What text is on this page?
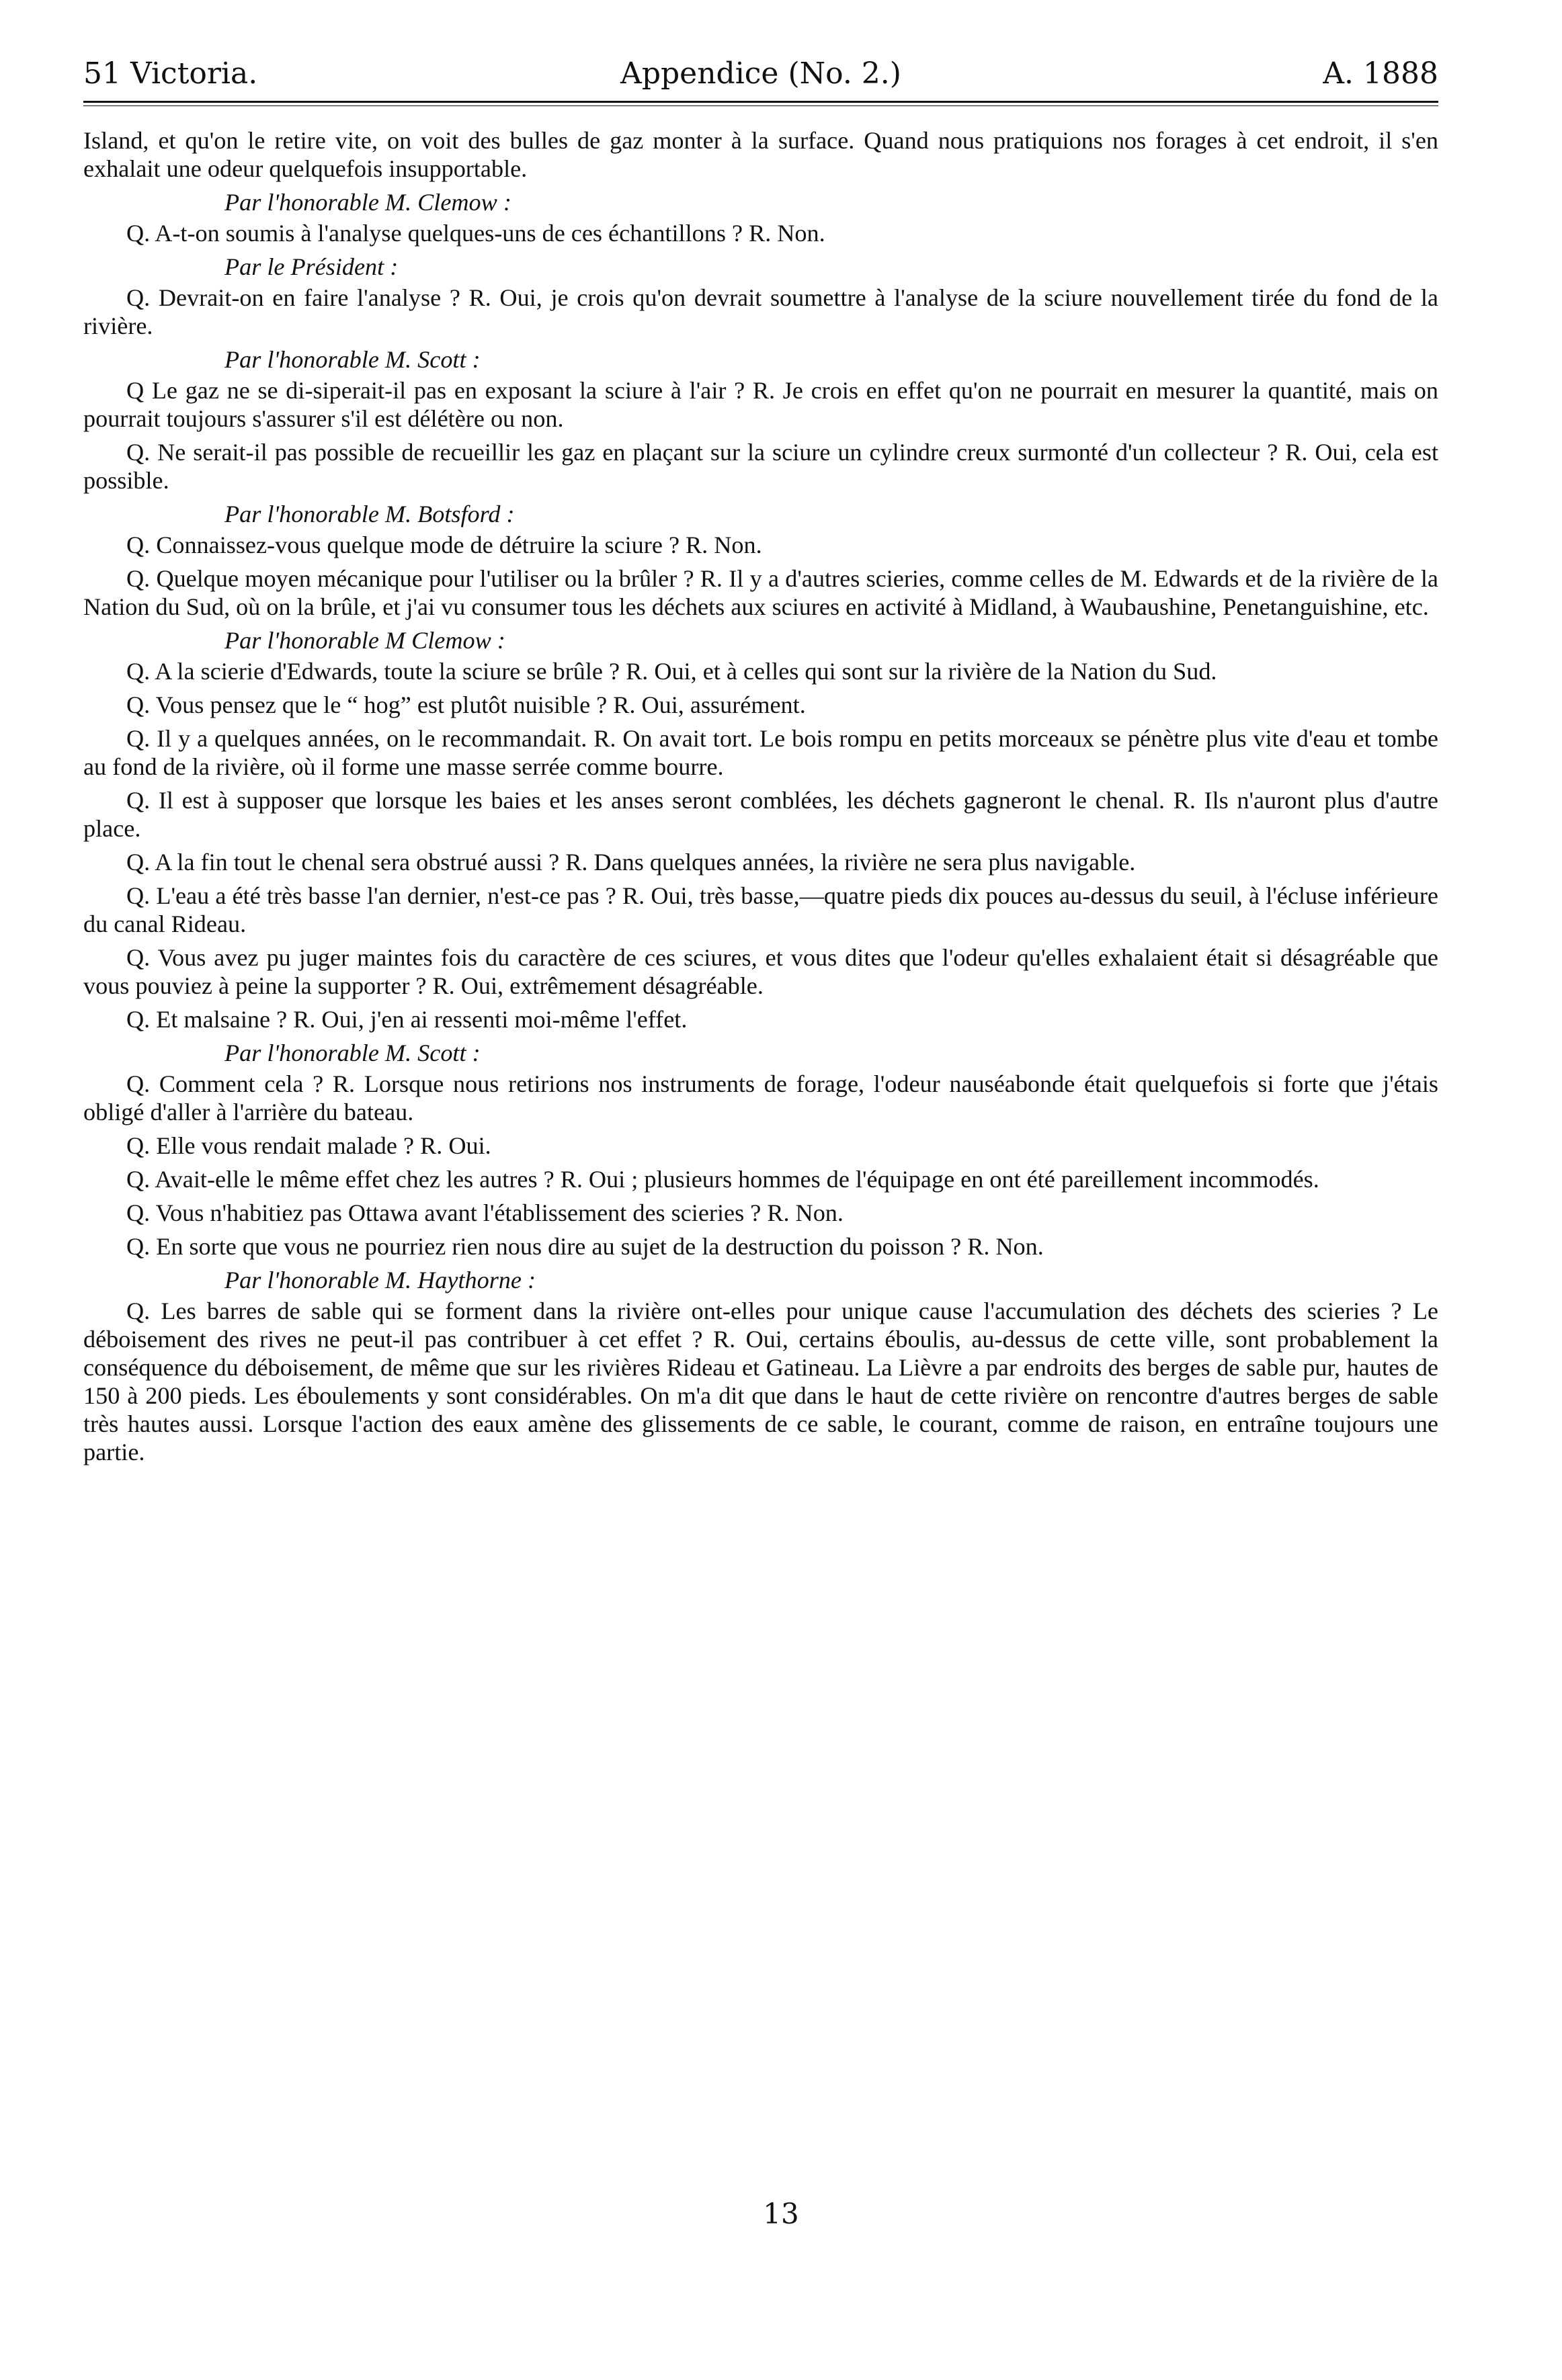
51 Victoria.	Appendice (No. 2.)	A. 1888

Island, et qu'on le retire vite, on voit des bulles de gaz monter à la surface. Quand nous pratiquions nos forages à cet endroit, il s'en exhalait une odeur quelquefois insupportable.

Par l'honorable M. Clemow :

Q. A-t-on soumis à l'analyse quelques-uns de ces échantillons ? R. Non.

Par le Président :

Q. Devrait-on en faire l'analyse ? R. Oui, je crois qu'on devrait soumettre à l'analyse de la sciure nouvellement tirée du fond de la rivière.

Par l'honorable M. Scott :

Q Le gaz ne se di-siperait-il pas en exposant la sciure à l'air ? R. Je crois en effet qu'on ne pourrait en mesurer la quantité, mais on pourrait toujours s'assurer s'il est délétère ou non.

Q. Ne serait-il pas possible de recueillir les gaz en plaçant sur la sciure un cylindre creux surmonté d'un collecteur ? R. Oui, cela est possible.

Par l'honorable M. Botsford :

Q. Connaissez-vous quelque mode de détruire la sciure ? R. Non.

Q. Quelque moyen mécanique pour l'utiliser ou la brûler ? R. Il y a d'autres scieries, comme celles de M. Edwards et de la rivière de la Nation du Sud, où on la brûle, et j'ai vu consumer tous les déchets aux sciures en activité à Midland, à Waubaushine, Penetanguishine, etc.

Par l'honorable M Clemow :

Q. A la scierie d'Edwards, toute la sciure se brûle ? R. Oui, et à celles qui sont sur la rivière de la Nation du Sud.

Q. Vous pensez que le “ hog” est plutôt nuisible ? R. Oui, assurément.

Q. Il y a quelques années, on le recommandait. R. On avait tort. Le bois rompu en petits morceaux se pénètre plus vite d'eau et tombe au fond de la rivière, où il forme une masse serrée comme bourre.

Q. Il est à supposer que lorsque les baies et les anses seront comblées, les déchets gagneront le chenal. R. Ils n'auront plus d'autre place.

Q. A la fin tout le chenal sera obstrué aussi ? R. Dans quelques années, la rivière ne sera plus navigable.

Q. L'eau a été très basse l'an dernier, n'est-ce pas ? R. Oui, très basse,—quatre pieds dix pouces au-dessus du seuil, à l'écluse inférieure du canal Rideau.

Q. Vous avez pu juger maintes fois du caractère de ces sciures, et vous dites que l'odeur qu'elles exhalaient était si désagréable que vous pouviez à peine la supporter ? R. Oui, extrêmement désagréable.

Q. Et malsaine ? R. Oui, j'en ai ressenti moi-même l'effet.

Par l'honorable M. Scott :

Q. Comment cela ? R. Lorsque nous retirions nos instruments de forage, l'odeur nauséabonde était quelquefois si forte que j'étais obligé d'aller à l'arrière du bateau.

Q. Elle vous rendait malade ? R. Oui.

Q. Avait-elle le même effet chez les autres ? R. Oui ; plusieurs hommes de l'équipage en ont été pareillement incommodés.

Q. Vous n'habitiez pas Ottawa avant l'établissement des scieries ? R. Non.

Q. En sorte que vous ne pourriez rien nous dire au sujet de la destruction du poisson ? R. Non.

Par l'honorable M. Haythorne :

Q. Les barres de sable qui se forment dans la rivière ont-elles pour unique cause l'accumulation des déchets des scieries ? Le déboisement des rives ne peut-il pas contribuer à cet effet ? R. Oui, certains éboulis, au-dessus de cette ville, sont probablement la conséquence du déboisement, de même que sur les rivières Rideau et Gatineau. La Lièvre a par endroits des berges de sable pur, hautes de 150 à 200 pieds. Les éboulements y sont considérables. On m'a dit que dans le haut de cette rivière on rencontre d'autres berges de sable très hautes aussi. Lorsque l'action des eaux amène des glissements de ce sable, le courant, comme de raison, en entraîne toujours une partie.

13
